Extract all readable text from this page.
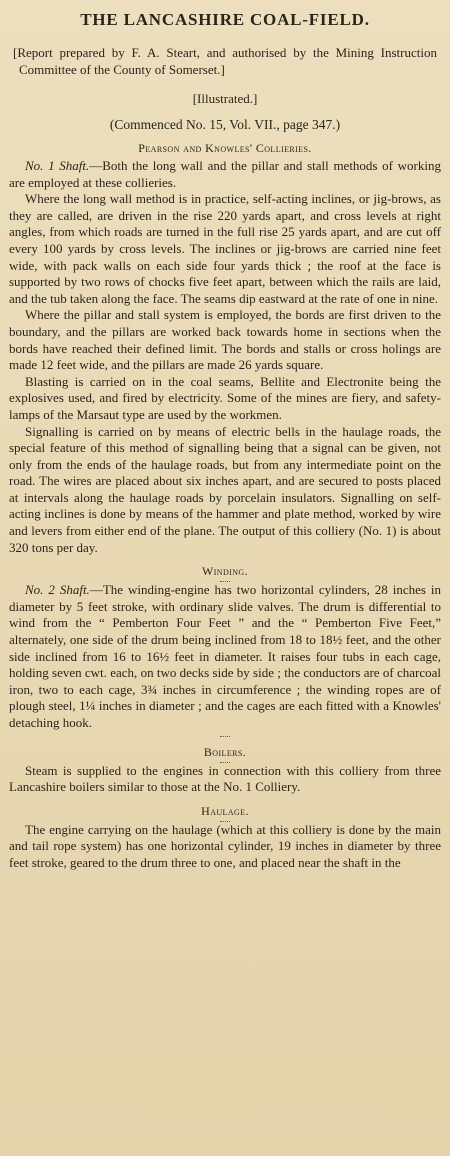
THE LANCASHIRE COAL-FIELD.
[Report prepared by F. A. Steart, and authorised by the Mining Instruction Committee of the County of Somerset.]
[Illustrated.]
(Commenced No. 15, Vol. VII., page 347.)
Pearson and Knowles' Collieries.

No. 1 Shaft.—Both the long wall and the pillar and stall methods of working are employed at these collieries.

Where the long wall method is in practice, self-acting inclines, or jig-brows, as they are called, are driven in the rise 220 yards apart, and cross levels at right angles, from which roads are turned in the full rise 25 yards apart, and are cut off every 100 yards by cross levels. The inclines or jig-brows are carried nine feet wide, with pack walls on each side four yards thick ; the roof at the face is supported by two rows of chocks five feet apart, between which the rails are laid, and the tub taken along the face. The seams dip eastward at the rate of one in nine.

Where the pillar and stall system is employed, the bords are first driven to the boundary, and the pillars are worked back towards home in sections when the bords have reached their defined limit. The bords and stalls or cross holings are made 12 feet wide, and the pillars are made 26 yards square.

Blasting is carried on in the coal seams, Bellite and Electronite being the explosives used, and fired by electricity. Some of the mines are fiery, and safety-lamps of the Marsaut type are used by the workmen.

Signalling is carried on by means of electric bells in the haulage roads, the special feature of this method of signalling being that a signal can be given, not only from the ends of the haulage roads, but from any intermediate point on the road. The wires are placed about six inches apart, and are secured to posts placed at intervals along the haulage roads by porcelain insulators. Signalling on self-acting inclines is done by means of the hammer and plate method, worked by wire and levers from either end of the plane. The output of this colliery (No. 1) is about 320 tons per day.

Winding.

No. 2 Shaft.—The winding-engine has two horizontal cylinders, 28 inches in diameter by 5 feet stroke, with ordinary slide valves. The drum is differential to wind from the “ Pemberton Four Feet ” and the “ Pemberton Five Feet,” alternately, one side of the drum being inclined from 18 to 18½ feet, and the other side inclined from 16 to 16½ feet in diameter. It raises four tubs in each cage, holding seven cwt. each, on two decks side by side ; the conductors are of charcoal iron, two to each cage, 3¾ inches in circumference ; the winding ropes are of plough steel, 1¼ inches in diameter ; and the cages are each fitted with a Knowles' detaching hook.

Boilers.

Steam is supplied to the engines in connection with this colliery from three Lancashire boilers similar to those at the No. 1 Colliery.

Haulage.

The engine carrying on the haulage (which at this colliery is done by the main and tail rope system) has one horizontal cylinder, 19 inches in diameter by three feet stroke, geared to the drum three to one, and placed near the shaft in the
